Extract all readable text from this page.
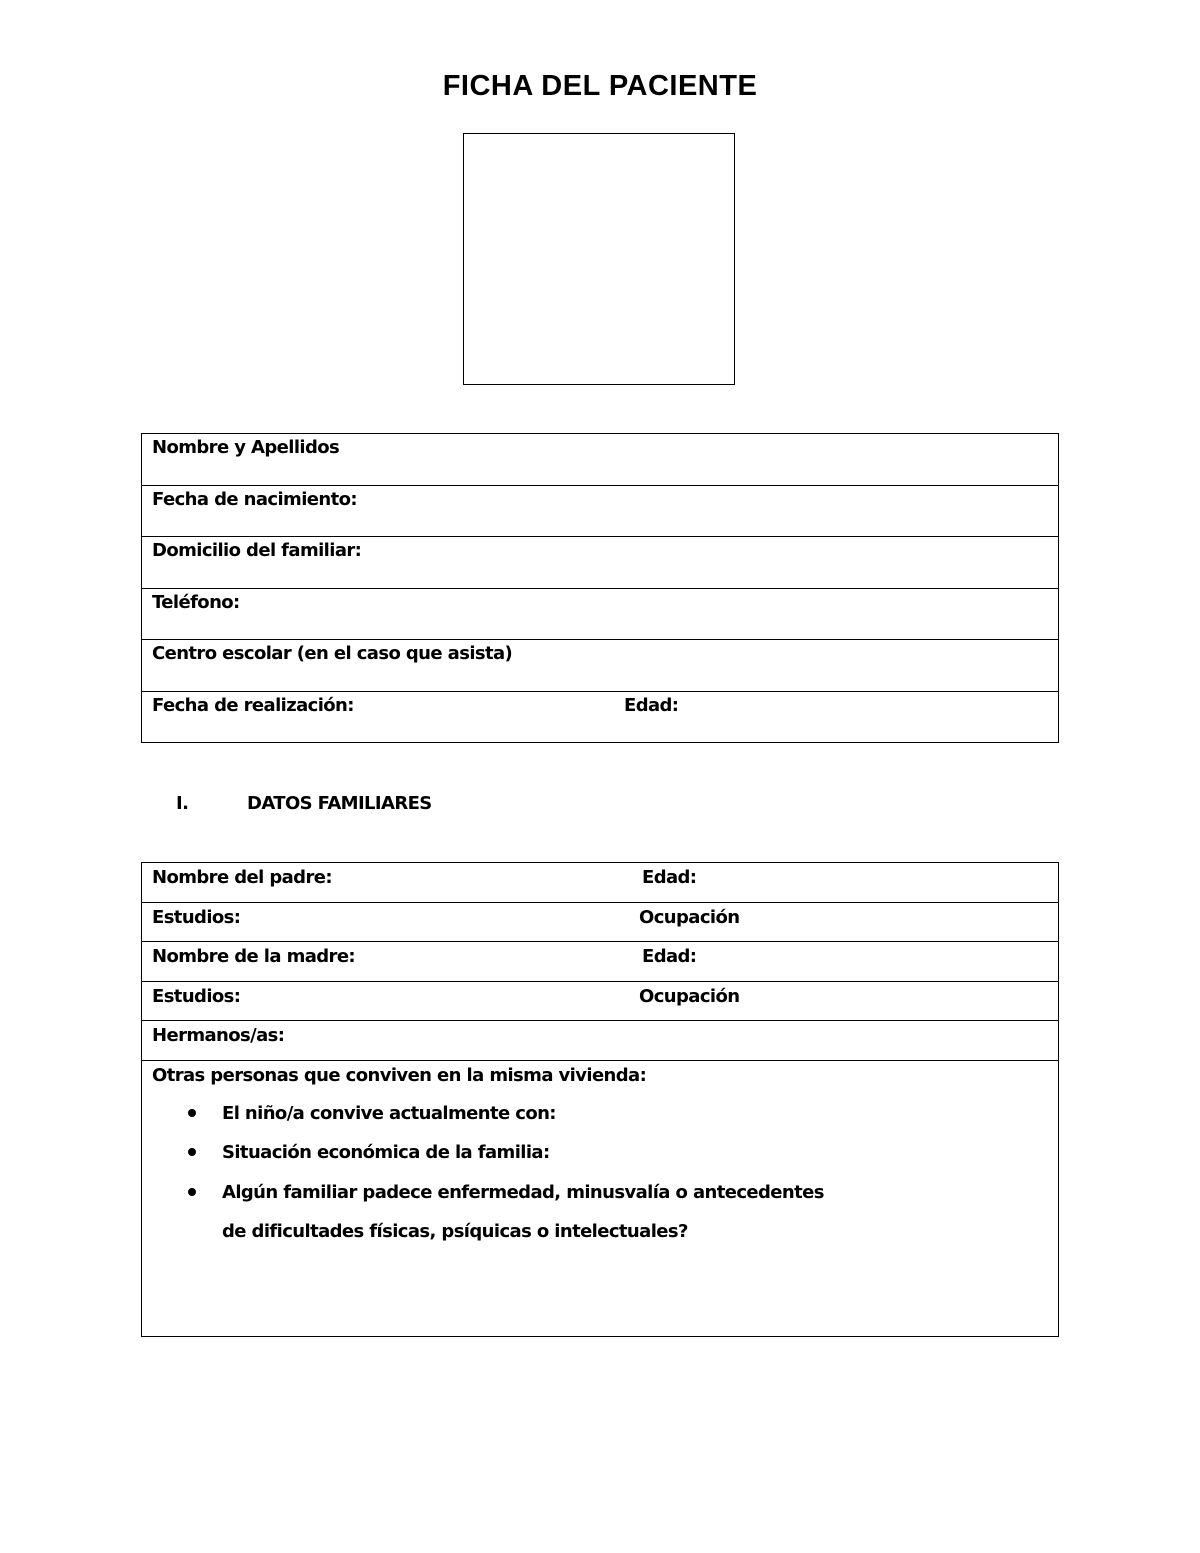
FICHA DEL PACIENTE
Nombre y Apellidos
Fecha de nacimiento:
Domicilio del familiar:
Teléfono:
Centro escolar (en el caso que asista)
Fecha de realización:	Edad:
I.	DATOS FAMILIARES
Nombre del padre:	Edad:
Estudios:	Ocupación
Nombre de la madre:	Edad:
Estudios:	Ocupación
Hermanos/as:
Otras personas que conviven en la misma vivienda:
El niño/a convive actualmente con:
Situación económica de la familia:
Algún familiar padece enfermedad, minusvalía o antecedentes
de dificultades físicas, psíquicas o intelectuales?
